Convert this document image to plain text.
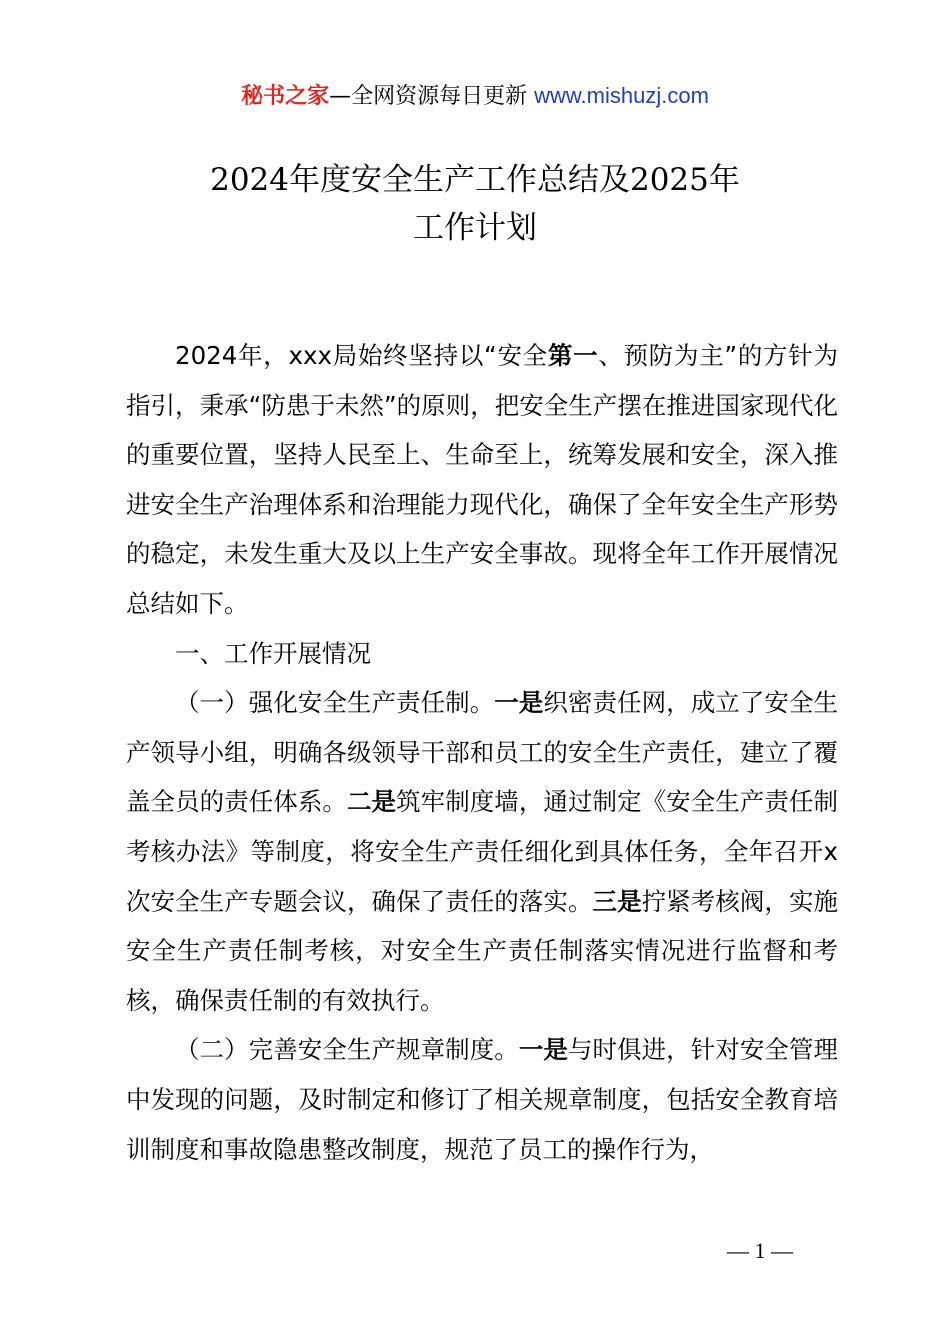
秘书之家—全网资源每日更新 www.mishuzj.com
2024年度安全生产工作总结及2025年
工作计划

2024年，xxx局始终坚持以“安全第一、预防为主”的方针为指引，秉承“防患于未然”的原则，把安全生产摆在推进国家现代化的重要位置，坚持人民至上、生命至上，统筹发展和安全，深入推进安全生产治理体系和治理能力现代化，确保了全年安全生产形势的稳定，未发生重大及以上生产安全事故。现将全年工作开展情况总结如下。

一、工作开展情况

（一）强化安全生产责任制。一是织密责任网，成立了安全生产领导小组，明确各级领导干部和员工的安全生产责任，建立了覆盖全员的责任体系。二是筑牢制度墙，通过制定《安全生产责任制考核办法》等制度，将安全生产责任细化到具体任务，全年召开x次安全生产专题会议，确保了责任的落实。三是拧紧考核阀，实施安全生产责任制考核，对安全生产责任制落实情况进行监督和考核，确保责任制的有效执行。

（二）完善安全生产规章制度。一是与时俱进，针对安全管理中发现的问题，及时制定和修订了相关规章制度，包括安全教育培训制度和事故隐患整改制度，规范了员工的操作行为，

— 1 —
